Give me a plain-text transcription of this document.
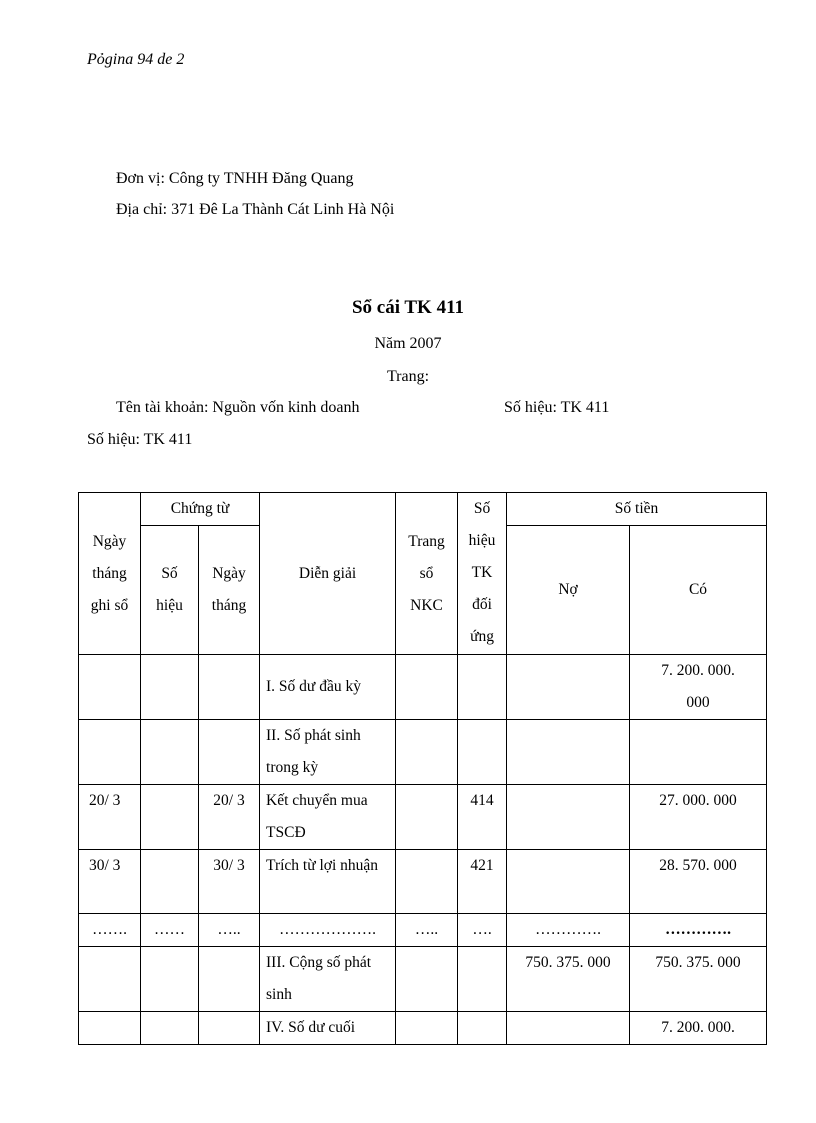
Pỏgina 94 de 2
Đơn vị: Công ty TNHH Đăng Quang
Địa chỉ: 371 Đê La Thành Cát Linh Hà Nội
Sổ cái TK 411
Năm 2007
Trang:
Tên tài khoản: Nguồn vốn kinh doanh	Số hiệu: TK 411
Số hiệu: TK 411
Ngày tháng ghi sổ	Chứng từ		Diễn giải	Trang sổ NKC	Số hiệu TK đối ứng	Số tiền	

	Số hiệu	Ngày tháng				Nợ	Có
			I. Số dư đầu kỳ				7. 200. 000. 000

			II. Số phát sinh trong kỳ				
20/ 3		20/ 3	Kết chuyển mua TSCĐ		414		27. 000. 000
30/ 3		30/ 3	Trích từ lợi nhuận		421		28. 570. 000
…….	……	…..	……………….	…..	….	………….	………….
			III. Cộng số phát sinh			750. 375. 000	750. 375. 000
			IV. Số dư cuối				7. 200. 000.
